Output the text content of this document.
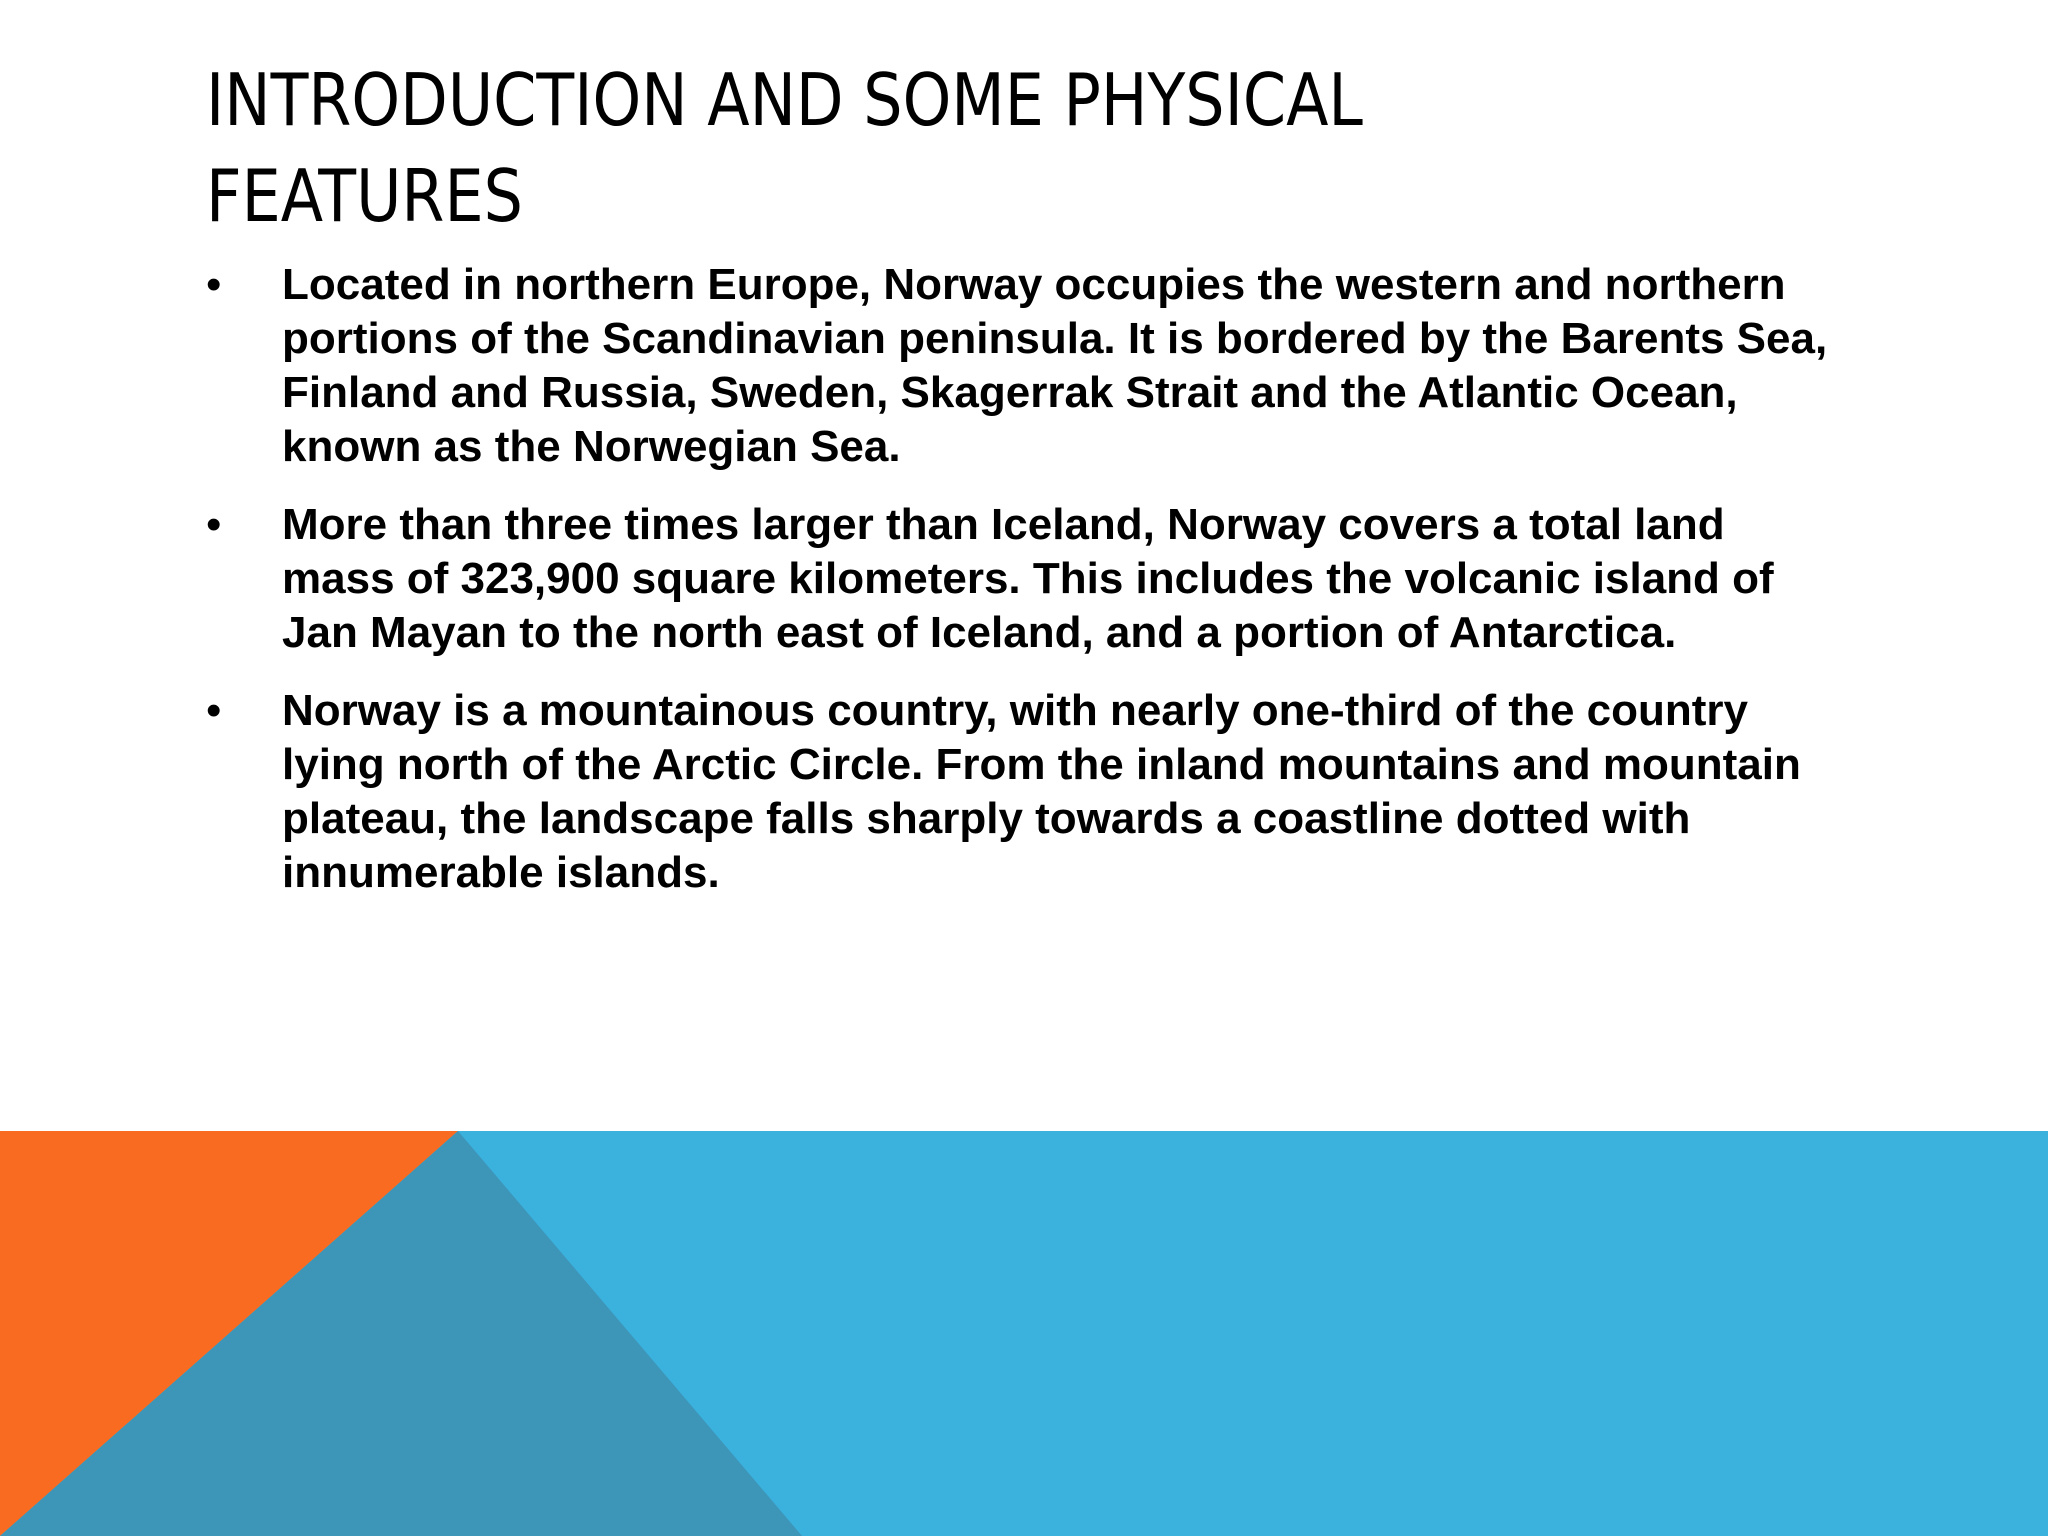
INTRODUCTION AND SOME PHYSICAL FEATURES
• Located in northern Europe, Norway occupies the western and northern portions of the Scandinavian peninsula. It is bordered by the Barents Sea, Finland and Russia, Sweden, Skagerrak Strait and the Atlantic Ocean, known as the Norwegian Sea.
• More than three times larger than Iceland, Norway covers a total land mass of 323,900 square kilometers. This includes the volcanic island of Jan Mayan to the north east of Iceland, and a portion of Antarctica.
• Norway is a mountainous country, with nearly one-third of the country lying north of the Arctic Circle. From the inland mountains and mountain plateau, the landscape falls sharply towards a coastline dotted with innumerable islands.
